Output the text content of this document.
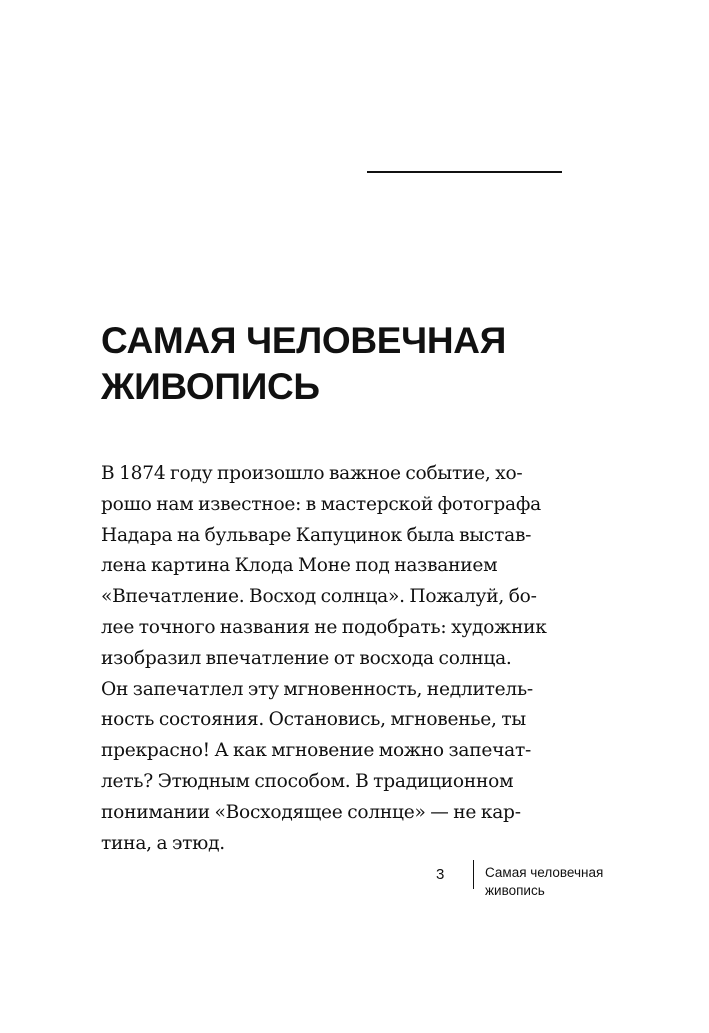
САМАЯ ЧЕЛОВЕЧНАЯ
ЖИВОПИСЬ
В 1874 году произошло важное событие, хо-
рошо нам известное: в мастерской фотографа
Надара на бульваре Капуцинок была выстав-
лена картина Клода Моне под названием
«Впечатление. Восход солнца». Пожалуй, бо-
лее точного названия не подобрать: художник
изобразил впечатление от восхода солнца.
Он запечатлел эту мгновенность, недлитель-
ность состояния. Остановись, мгновенье, ты
прекрасно! А как мгновение можно запечат-
леть? Этюдным способом. В традиционном
понимании «Восходящее солнце» — не кар-
тина, а этюд.
3	Самая человечная
живопись
